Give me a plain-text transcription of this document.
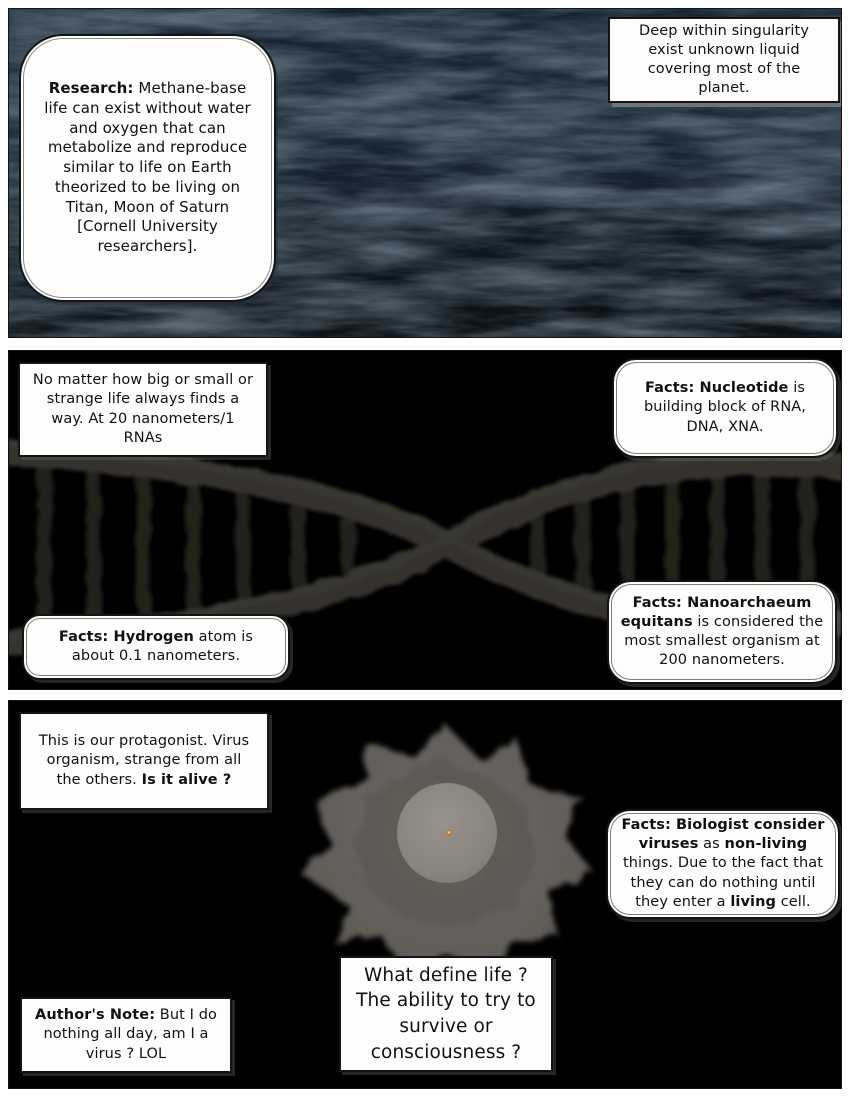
Research: Methane-base life can exist without water and oxygen that can metabolize and reproduce similar to life on Earth theorized to be living on Titan, Moon of Saturn [Cornell University researchers].
Deep within singularity exist unknown liquid covering most of the planet.
No matter how big or small or strange life always finds a way. At 20 nanometers/1 RNAs
Facts: Nucleotide is building block of RNA, DNA, XNA.
Facts: Hydrogen atom is about 0.1 nanometers.
Facts: Nanoarchaeum equitans is considered the most smallest organism at 200 nanometers.
This is our protagonist. Virus organism, strange from all the others. Is it alive ?
Facts: Biologist consider viruses as non-living things. Due to the fact that they can do nothing until they enter a living cell.
Author's Note: But I do nothing all day, am I a virus ? LOL
What define life ? The ability to try to survive or consciousness ?
